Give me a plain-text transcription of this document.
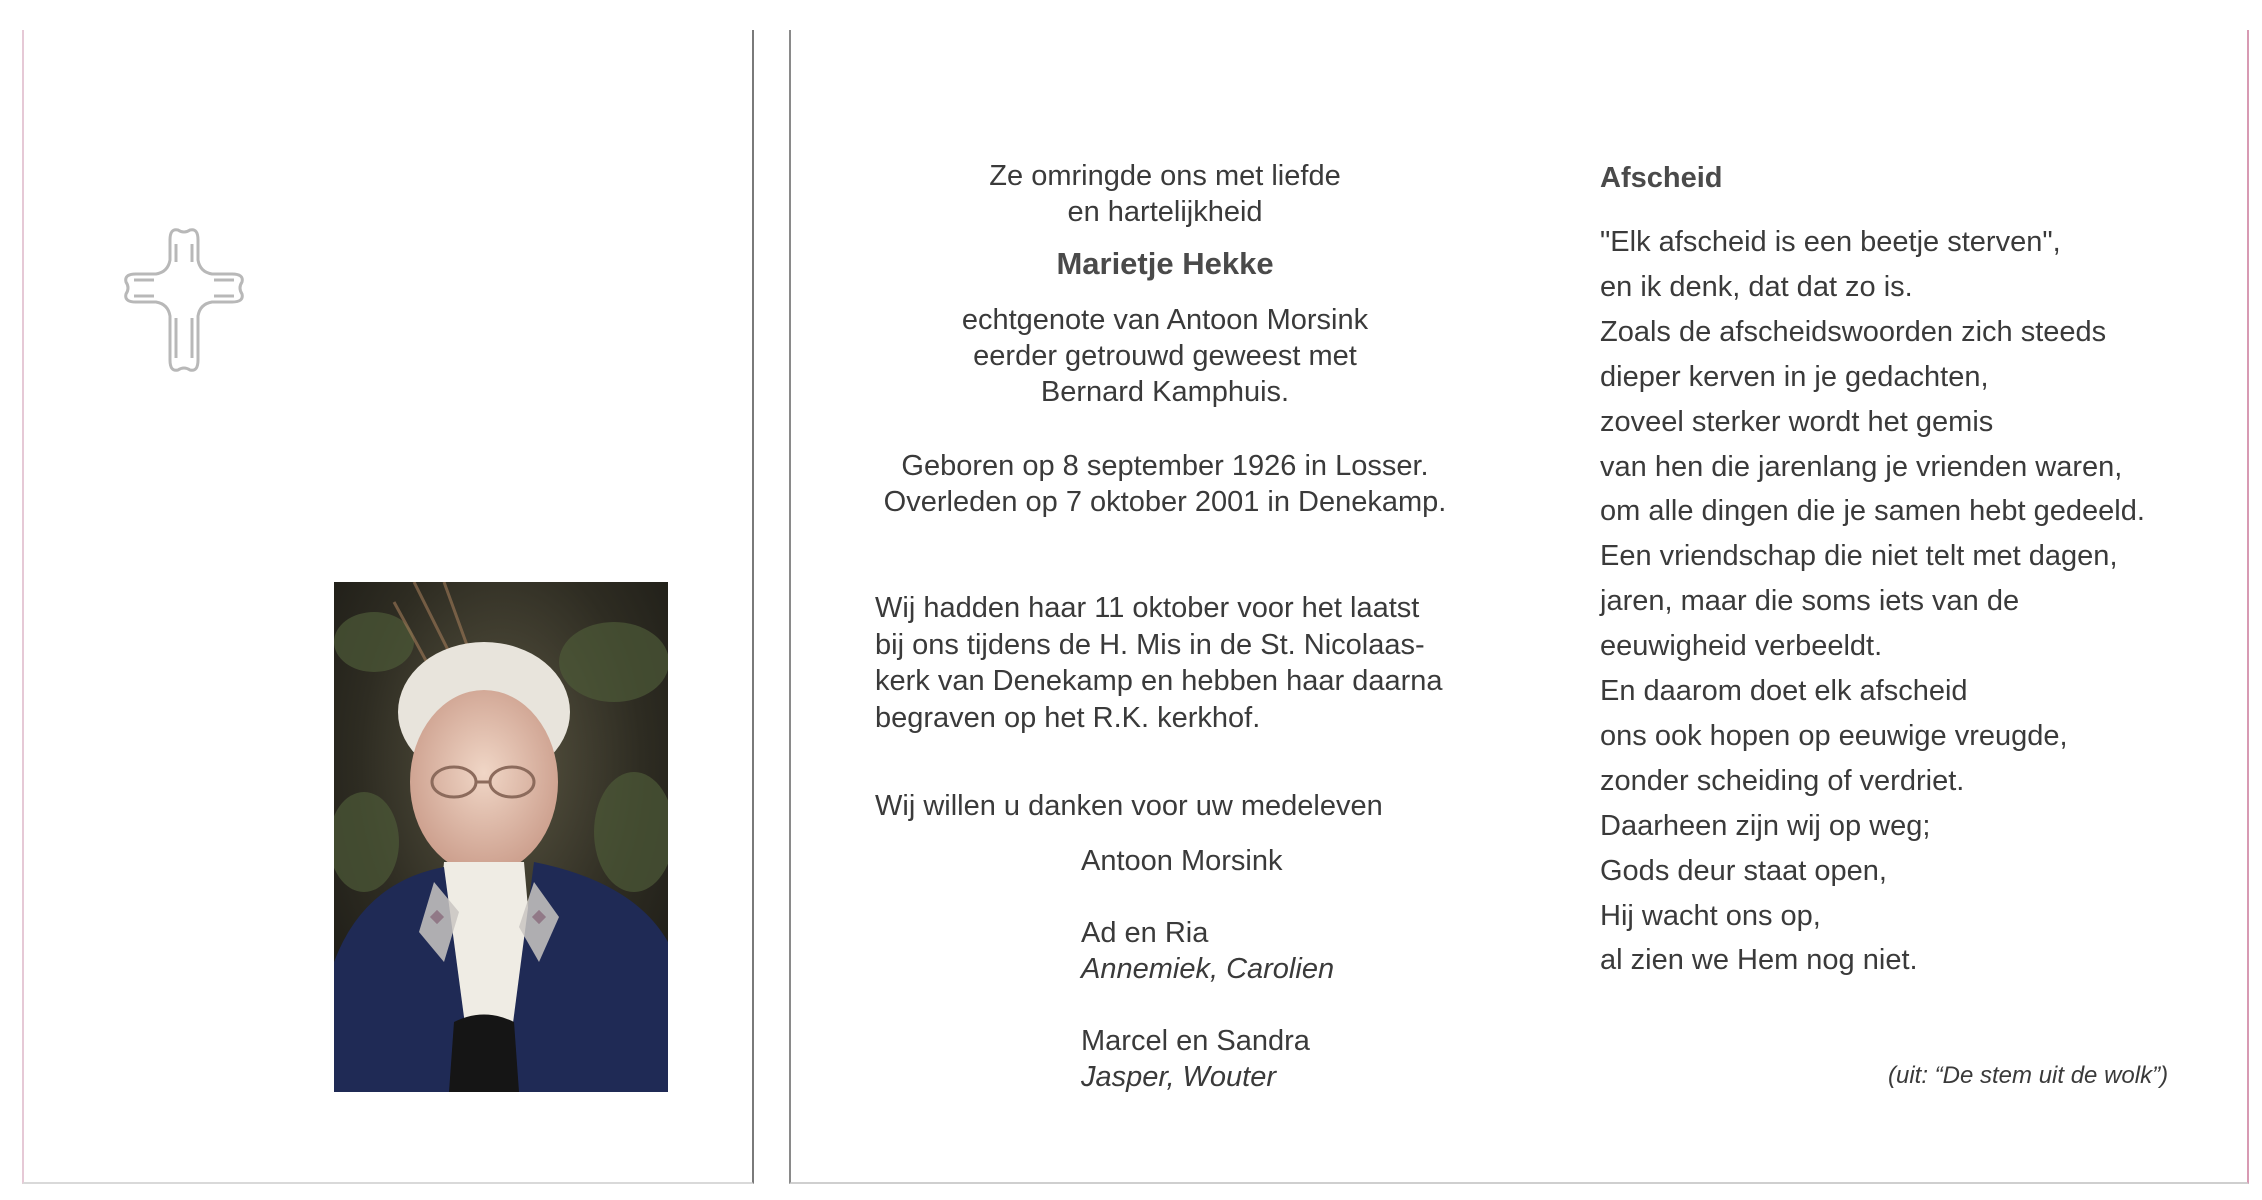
Ze omringde ons met liefde
en hartelijkheid
Marietje Hekke
echtgenote van Antoon Morsink
eerder getrouwd geweest met
Bernard Kamphuis.
Geboren op 8 september 1926 in Losser.
Overleden op 7 oktober 2001 in Denekamp.
Wij hadden haar 11 oktober voor het laatst
bij ons tijdens de H. Mis in de St. Nicolaas-
kerk van Denekamp en hebben haar daarna
begraven op het R.K. kerkhof.
Wij willen u danken voor uw medeleven
Antoon Morsink
Ad en Ria
Annemiek, Carolien
Marcel en Sandra
Jasper, Wouter
Afscheid
"Elk afscheid is een beetje sterven",
en ik denk, dat dat zo is.
Zoals de afscheidswoorden zich steeds
dieper kerven in je gedachten,
zoveel sterker wordt het gemis
van hen die jarenlang je vrienden waren,
om alle dingen die je samen hebt gedeeld.
Een vriendschap die niet telt met dagen,
jaren, maar die soms iets van de
eeuwigheid verbeeldt.
En daarom doet elk afscheid
ons ook hopen op eeuwige vreugde,
zonder scheiding of verdriet.
Daarheen zijn wij op weg;
Gods deur staat open,
Hij wacht ons op,
al zien we Hem nog niet.
(uit: “De stem uit de wolk”)
